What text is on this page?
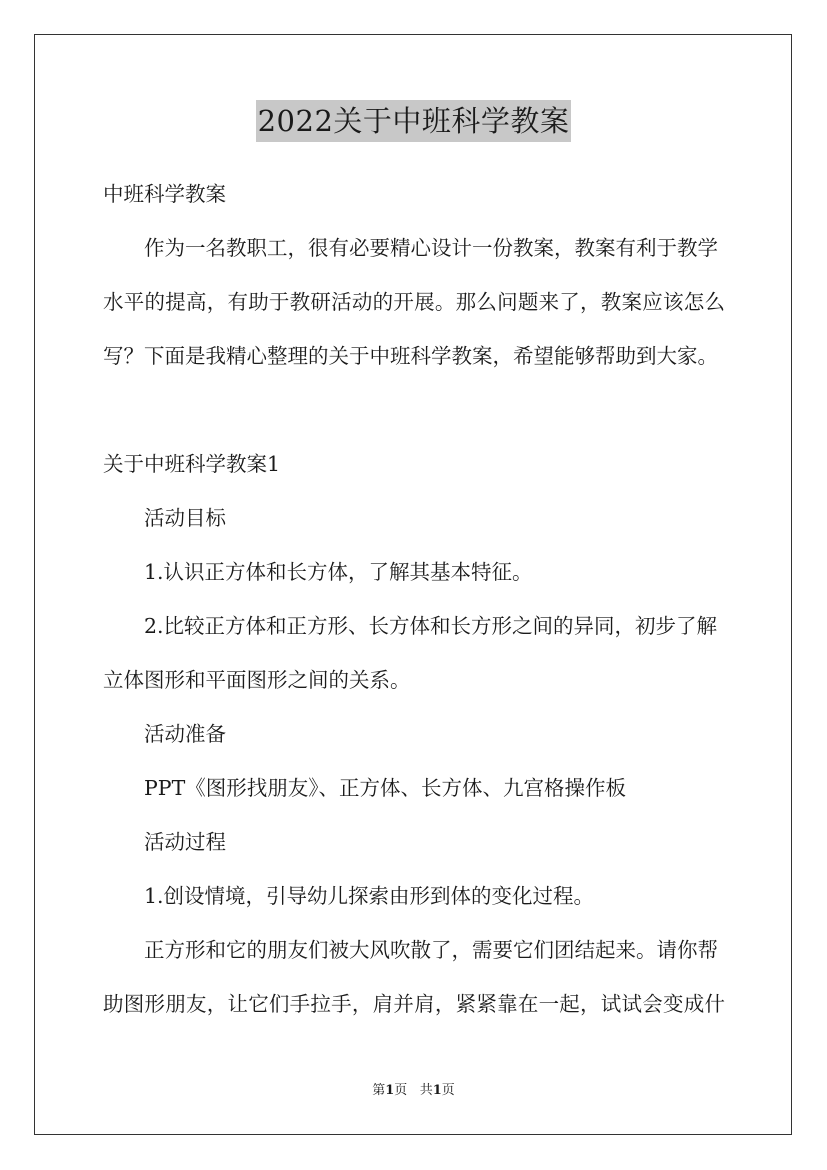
2022关于中班科学教案
中班科学教案
作为一名教职工，很有必要精心设计一份教案，教案有利于教学
水平的提高，有助于教研活动的开展。那么问题来了，教案应该怎么
写？下面是我精心整理的关于中班科学教案，希望能够帮助到大家。
关于中班科学教案1
活动目标
1.认识正方体和长方体，了解其基本特征。
2.比较正方体和正方形、长方体和长方形之间的异同，初步了解
立体图形和平面图形之间的关系。
活动准备
PPT《图形找朋友》、正方体、长方体、九宫格操作板
活动过程
1.创设情境，引导幼儿探索由形到体的变化过程。
正方形和它的朋友们被大风吹散了，需要它们团结起来。请你帮
助图形朋友，让它们手拉手，肩并肩，紧紧靠在一起，试试会变成什
第1页 共1页
